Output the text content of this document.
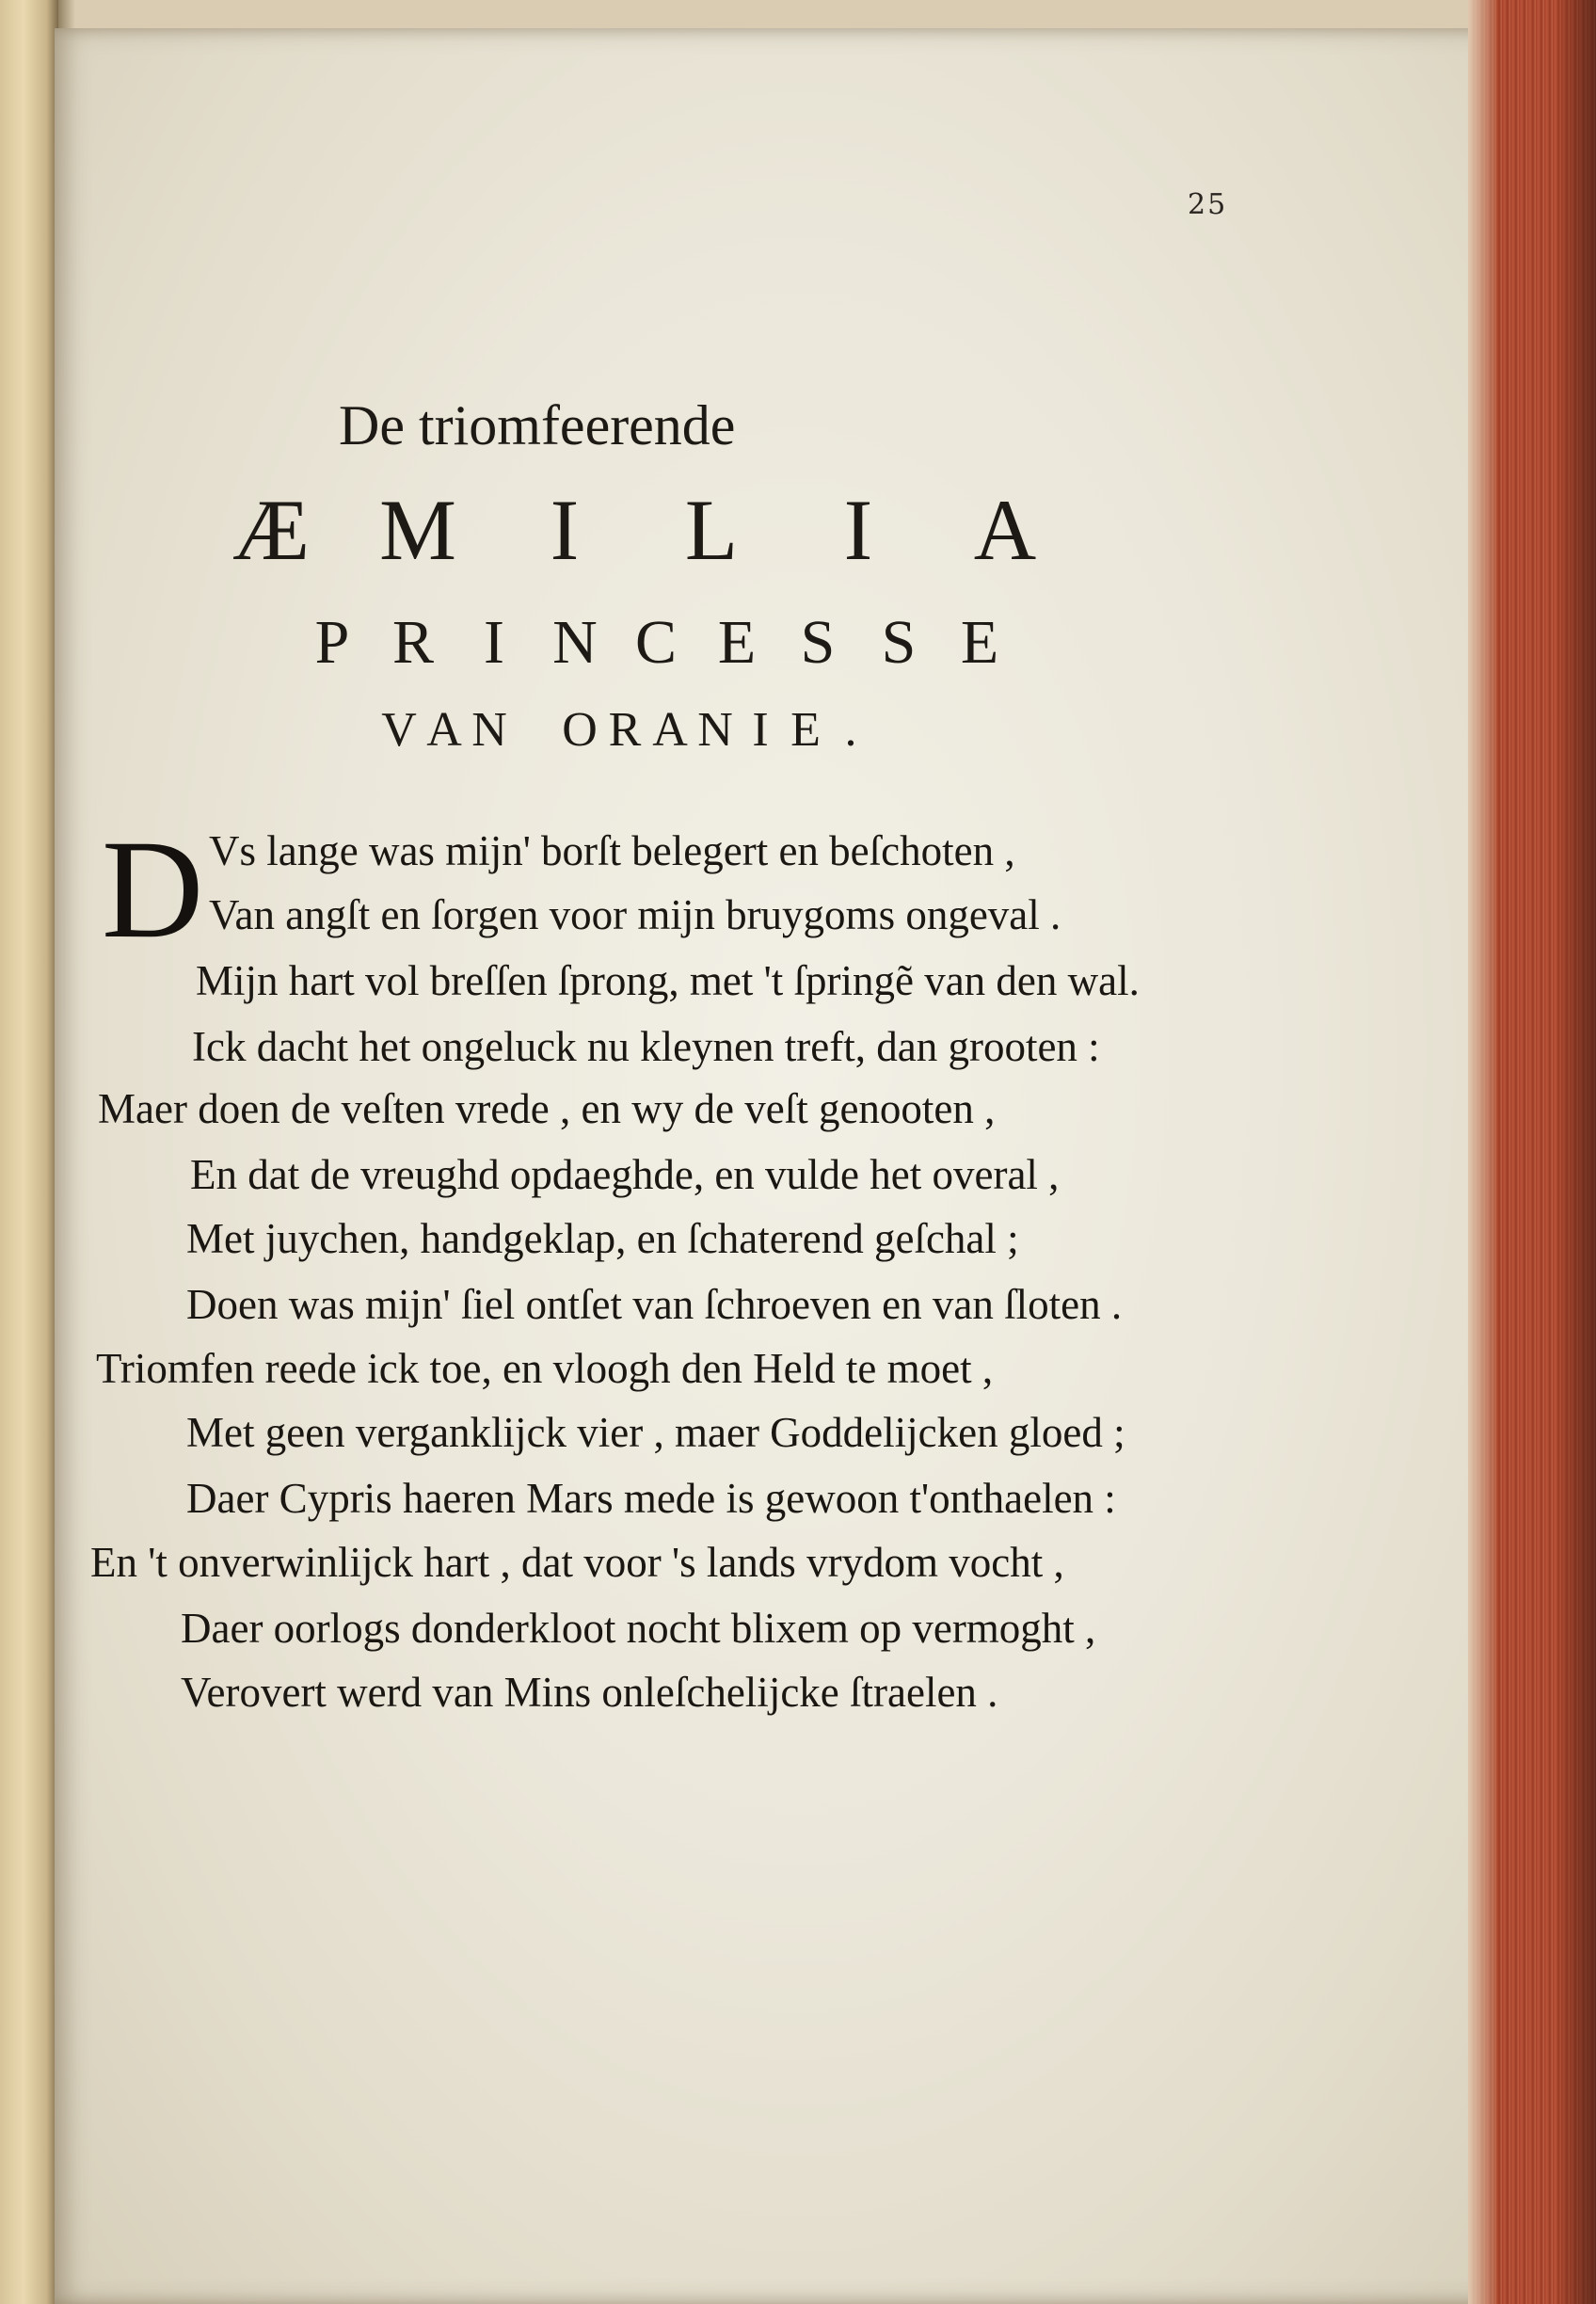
25
De triomfeerende
Æ M I L I A
P R I N C E S S E
V A N O R A N I E .
D Vs lange was mijn' borſt belegert en beſchoten ,
Van angſt en ſorgen voor mijn bruygoms ongeval .
Mijn hart vol breſſen ſprong, met 't ſpringẽ van den wal.
Ick dacht het ongeluck nu kleynen treft, dan grooten :
Maer doen de veſten vrede , en wy de veſt genooten ,
En dat de vreughd opdaeghde, en vulde het overal ,
Met juychen, handgeklap, en ſchaterend geſchal ;
Doen was mijn' ſiel ontſet van ſchroeven en van ſloten .
Triomfen reede ick toe, en vloogh den Held te moet ,
Met geen verganklijck vier , maer Goddelijcken gloed ;
Daer Cypris haeren Mars mede is gewoon t'onthaelen :
En 't onverwinlijck hart , dat voor 's lands vrydom vocht ,
Daer oorlogs donderkloot nocht blixem op vermoght ,
Verovert werd van Mins onleſchelijcke ſtraelen .
